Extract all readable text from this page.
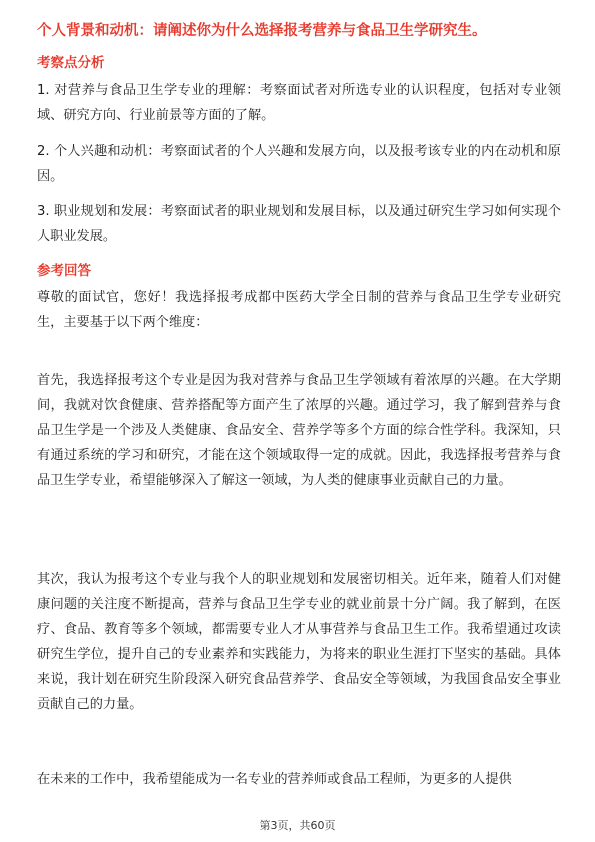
个人背景和动机：请阐述你为什么选择报考营养与食品卫生学研究生。
考察点分析
1. 对营养与食品卫生学专业的理解：考察面试者对所选专业的认识程度，包括对专业领域、研究方向、行业前景等方面的了解。
2. 个人兴趣和动机：考察面试者的个人兴趣和发展方向，以及报考该专业的内在动机和原因。
3. 职业规划和发展：考察面试者的职业规划和发展目标，以及通过研究生学习如何实现个人职业发展。
参考回答
尊敬的面试官，您好！我选择报考成都中医药大学全日制的营养与食品卫生学专业研究生，主要基于以下两个维度：
首先，我选择报考这个专业是因为我对营养与食品卫生学领域有着浓厚的兴趣。在大学期间，我就对饮食健康、营养搭配等方面产生了浓厚的兴趣。通过学习，我了解到营养与食品卫生学是一个涉及人类健康、食品安全、营养学等多个方面的综合性学科。我深知，只有通过系统的学习和研究，才能在这个领域取得一定的成就。因此，我选择报考营养与食品卫生学专业，希望能够深入了解这一领域，为人类的健康事业贡献自己的力量。
其次，我认为报考这个专业与我个人的职业规划和发展密切相关。近年来，随着人们对健康问题的关注度不断提高，营养与食品卫生学专业的就业前景十分广阔。我了解到，在医疗、食品、教育等多个领域，都需要专业人才从事营养与食品卫生工作。我希望通过攻读研究生学位，提升自己的专业素养和实践能力，为将来的职业生涯打下坚实的基础。具体来说，我计划在研究生阶段深入研究食品营养学、食品安全等领域，为我国食品安全事业贡献自己的力量。
在未来的工作中，我希望能成为一名专业的营养师或食品工程师，为更多的人提供
第3页，共60页
